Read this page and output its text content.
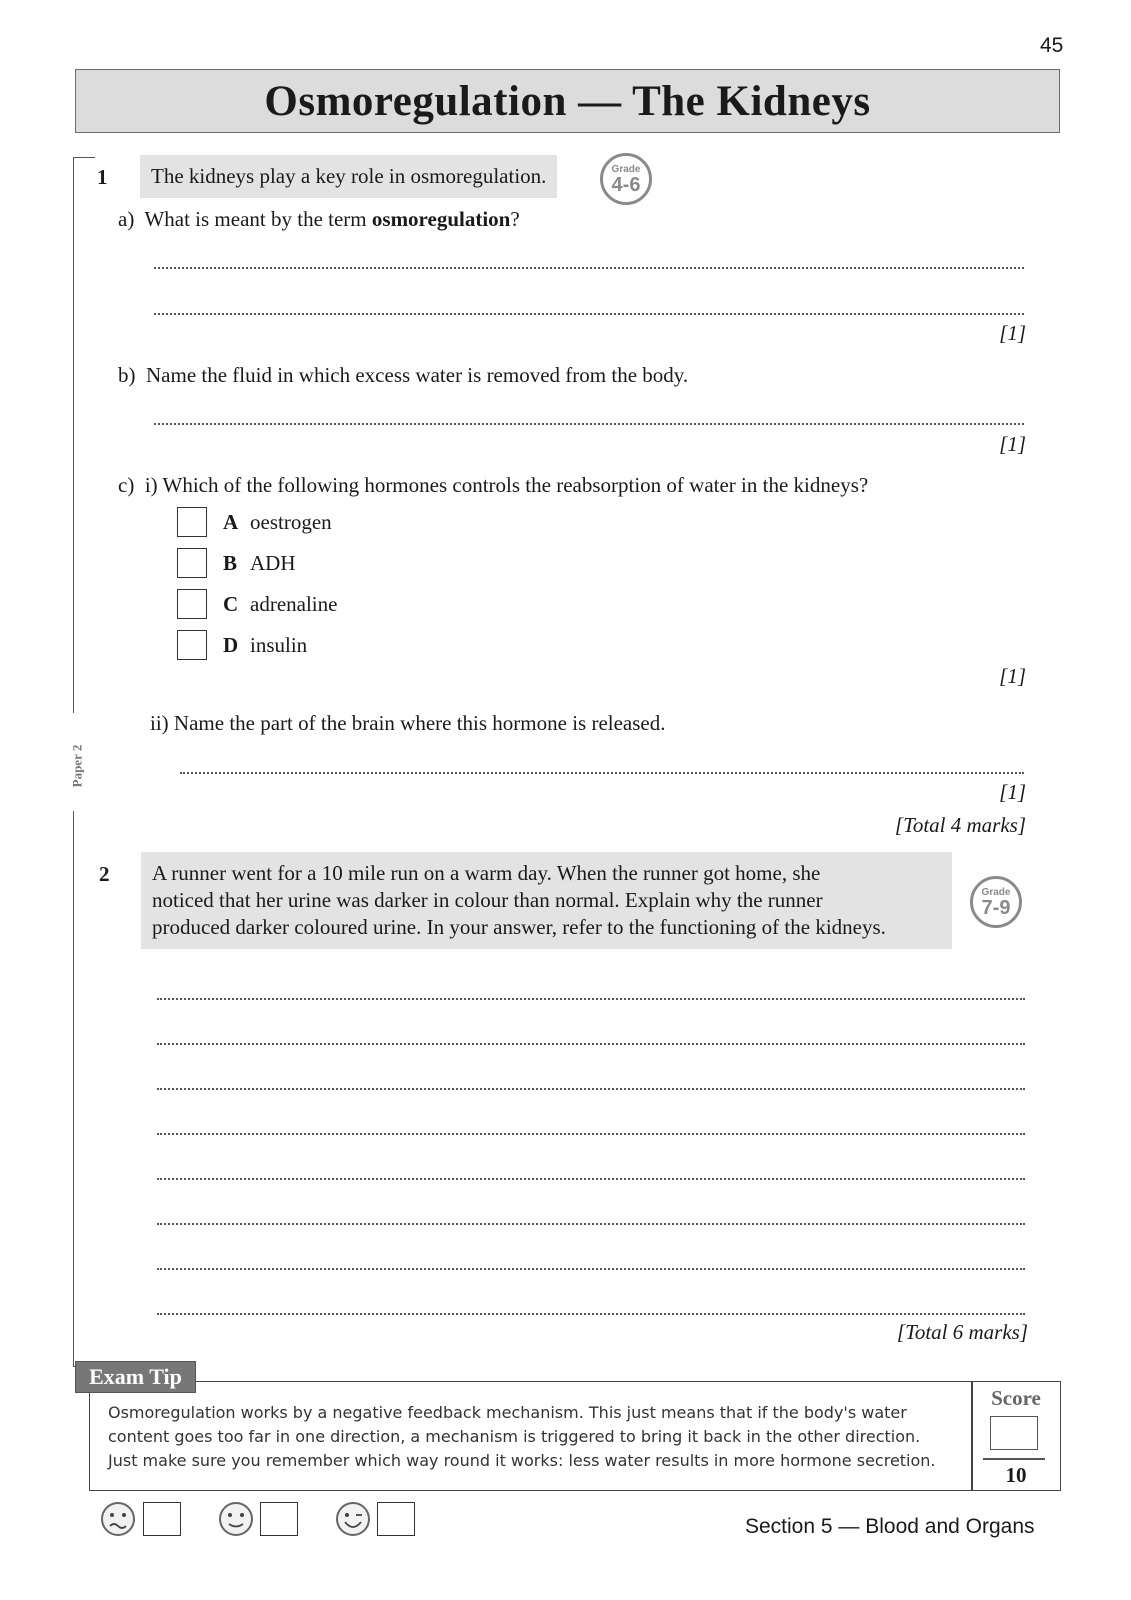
45
Osmoregulation — The Kidneys
Paper 2
1	The kidneys play a key role in osmoregulation.	Grade
4-6
a) What is meant by the term osmoregulation?
[1]
b) Name the fluid in which excess water is removed from the body.
[1]
c) i) Which of the following hormones controls the reabsorption of water in the kidneys?
A oestrogen
B ADH
C adrenaline
D insulin
[1]
ii) Name the part of the brain where this hormone is released.
[1]
[Total 4 marks]
2 A runner went for a 10 mile run on a warm day. When the runner got home, she
noticed that her urine was darker in colour than normal. Explain why the runner
produced darker coloured urine. In your answer, refer to the functioning of the kidneys.
Grade
7-9
[Total 6 marks]
Exam Tip
Osmoregulation works by a negative feedback mechanism. This just means that if the body's water
content goes too far in one direction, a mechanism is triggered to bring it back in the other direction.
Just make sure you remember which way round it works: less water results in more hormone secretion.
Score
10
Section 5 — Blood and Organs
